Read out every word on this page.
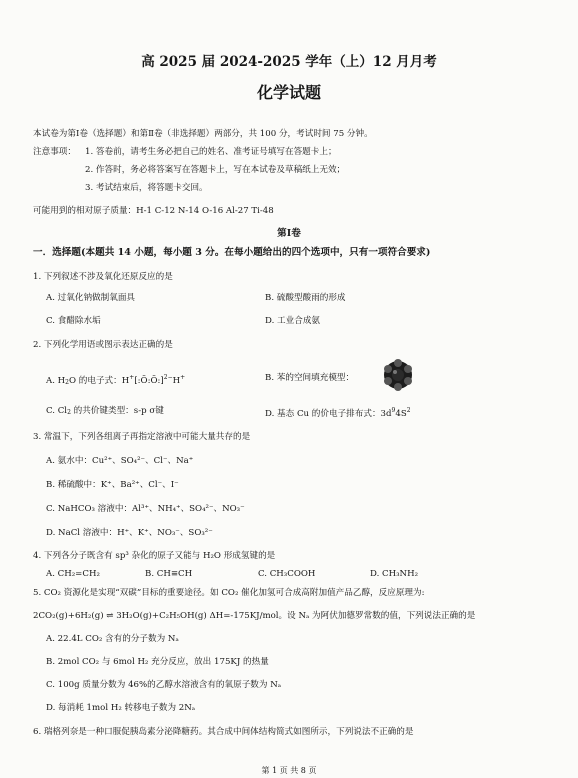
高 2025 届 2024-2025 学年（上）12 月月考
化学试题
本试卷为第Ⅰ卷（选择题）和第Ⅱ卷（非选择题）两部分，共 100 分，考试时间 75 分钟。
注意事项： 1. 答卷前，请考生务必把自己的姓名、准考证号填写在答题卡上；
2. 作答时，务必将答案写在答题卡上，写在本试卷及草稿纸上无效；
3. 考试结束后，将答题卡交回。
可能用到的相对原子质量：H-1 C-12 N-14 O-16 Al-27 Ti-48
第Ⅰ卷
一．选择题(本题共 14 小题，每小题 3 分。在每小题给出的四个选项中，只有一项符合要求)
1. 下列叙述不涉及氧化还原反应的是
A. 过氧化钠做制氧面具	B. 硫酸型酸雨的形成
C. 食醋除水垢	D. 工业合成氨
2. 下列化学用语或图示表达正确的是
A. H2O 的电子式：H+[:Ö:Ö:]$^{2-}$H+	B. 苯的空间填充模型：
C. Cl2 的共价键类型：s-p σ键	D. 基态 Cu 的价电子排布式：$3d^94S^2$
3. 常温下，下列各组离子再指定溶液中可能大量共存的是
A. 氨水中：Cu²⁺、SO₄²⁻、Cl⁻、Na⁺
B. 稀硫酸中：K⁺、Ba²⁺、Cl⁻、I⁻
C. NaHCO₃ 溶液中：Al³⁺、NH₄⁺、SO₄²⁻、NO₃⁻
D. NaCl 溶液中：H⁺、K⁺、NO₃⁻、SO₃²⁻
4. 下列各分子既含有 sp³ 杂化的原子又能与 H₂O 形成氢键的是
A. CH₂=CH₂	B. CH≡CH	C. CH₃COOH	D. CH₃NH₂
5. CO₂ 资源化是实现“双碳”目标的重要途径。如 CO₂ 催化加氢可合成高附加值产品乙醇，反应原理为:
2CO₂(g)+6H₂(g) ⇌ 3H₂O(g)+C₂H₅OH(g) ΔH=-175KJ/mol。设 Nₐ 为阿伏加德罗常数的值，下列说法正确的是
A. 22.4L CO₂ 含有的分子数为 Nₐ
B. 2mol CO₂ 与 6mol H₂ 充分反应，放出 175KJ 的热量
C. 100g 质量分数为 46%的乙醇水溶液含有的氧原子数为 Nₐ
D. 每消耗 1mol H₂ 转移电子数为 2Nₐ
6. 瑞格列奈是一种口服促胰岛素分泌降糖药。其合成中间体结构简式如图所示，下列说法不正确的是
第 1 页 共 8 页
